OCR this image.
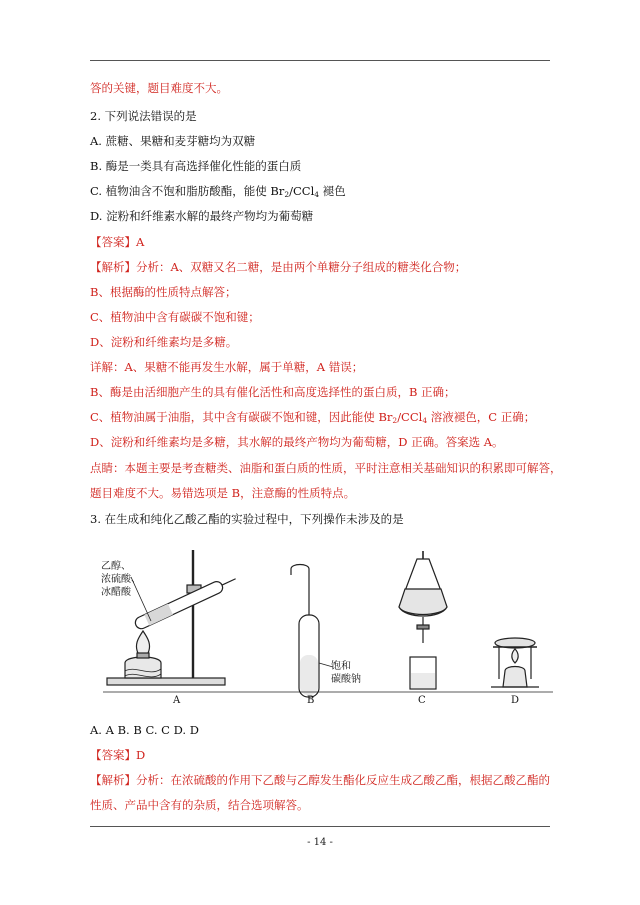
答的关键，题目难度不大。
2. 下列说法错误的是
A. 蔗糖、果糖和麦芽糖均为双糖
B. 酶是一类具有高选择催化性能的蛋白质
C. 植物油含不饱和脂肪酸酯，能使 $Br_2/CCl_4$ 褪色
D. 淀粉和纤维素水解的最终产物均为葡萄糖
【答案】A
【解析】分析：A、双糖又名二糖，是由两个单糖分子组成的糖类化合物；
B、根据酶的性质特点解答；
C、植物油中含有碳碳不饱和键；
D、淀粉和纤维素均是多糖。
详解：A、果糖不能再发生水解，属于单糖，A 错误；
B、酶是由活细胞产生的具有催化活性和高度选择性的蛋白质，B 正确；
C、植物油属于油脂，其中含有碳碳不饱和键，因此能使 $Br_2/CCl_4$ 溶液褪色，C 正确；
D、淀粉和纤维素均是多糖，其水解的最终产物均为葡萄糖，D 正确。答案选 A。
点睛：本题主要是考查糖类、油脂和蛋白质的性质，平时注意相关基础知识的积累即可解答，
题目难度不大。易错选项是 B，注意酶的性质特点。
3. 在生成和纯化乙酸乙酯的实验过程中，下列操作未涉及的是
乙醇、
浓硫酸、
冰醋酸
饱和
碳酸钠
A	B	C	D
A. A B. B C. C D. D
【答案】D
【解析】分析：在浓硫酸的作用下乙酸与乙醇发生酯化反应生成乙酸乙酯，根据乙酸乙酯的
性质、产品中含有的杂质，结合选项解答。
- 14 -
